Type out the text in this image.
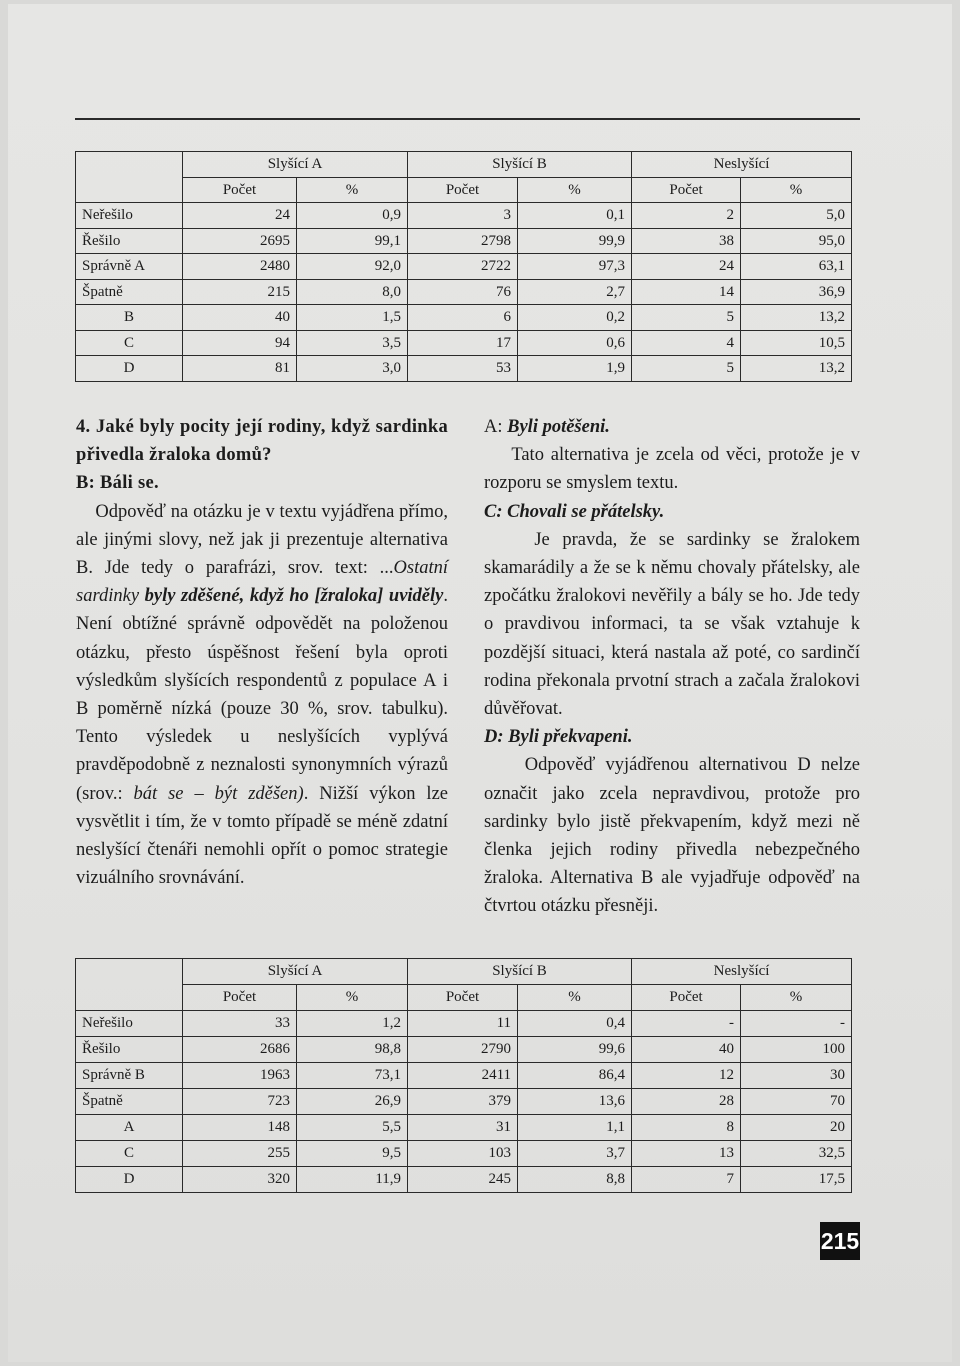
	Slyšící A		Slyšící B		Neslyšící	
	Počet	%	Počet	%	Počet	%
Neřešilo	24	0,9	3	0,1	2	5,0
Řešilo	2695	99,1	2798	99,9	38	95,0
Správně A	2480	92,0	2722	97,3	24	63,1
Špatně	215	8,0	76	2,7	14	36,9
B	40	1,5	6	0,2	5	13,2
C	94	3,5	17	0,6	4	10,5
D	81	3,0	53	1,9	5	13,2

4. Jaké byly pocity její rodiny, když sardinka přivedla žraloka domů?

B: Báli se.

Odpověď na otázku je v textu vyjádřena přímo, ale jinými slovy, než jak ji prezentuje alternativa B. Jde tedy o parafrázi, srov. text: ...Ostatní sardinky byly zděšené, když ho [žraloka] uviděly. Není obtížné správně odpovědět na položenou otázku, přesto úspěšnost řešení byla oproti výsledkům slyšících respondentů z populace A i B poměrně nízká (pouze 30 %, srov. tabulku). Tento výsledek u neslyšících vyplývá pravděpodobně z neznalosti synonymních výrazů (srov.: bát se – být zděšen). Nižší výkon lze vysvětlit i tím, že v tomto případě se méně zdatní neslyšící čtenáři nemohli opřít o pomoc strategie vizuálního srovnávání.

A: Byli potěšeni.

Tato alternativa je zcela od věci, protože je v rozporu se smyslem textu.

C: Chovali se přátelsky.

Je pravda, že se sardinky se žralokem skamarádily a že se k němu chovaly přátelsky, ale zpočátku žralokovi nevěřily a bály se ho. Jde tedy o pravdivou informaci, ta se však vztahuje k pozdější situaci, která nastala až poté, co sardinčí rodina překonala prvotní strach a začala žralokovi důvěřovat.

D: Byli překvapeni.

Odpověď vyjádřenou alternativou D nelze označit jako zcela nepravdivou, protože pro sardinky bylo jistě překvapením, když mezi ně členka jejich rodiny přivedla nebezpečného žraloka. Alternativa B ale vyjadřuje odpověď na čtvrtou otázku přesněji.

	Slyšící A		Slyšící B		Neslyšící	
	Počet	%	Počet	%	Počet	%
Neřešilo	33	1,2	11	0,4	-	-
Řešilo	2686	98,8	2790	99,6	40	100
Správně B	1963	73,1	2411	86,4	12	30
Špatně	723	26,9	379	13,6	28	70
A	148	5,5	31	1,1	8	20
C	255	9,5	103	3,7	13	32,5
D	320	11,9	245	8,8	7	17,5
215
